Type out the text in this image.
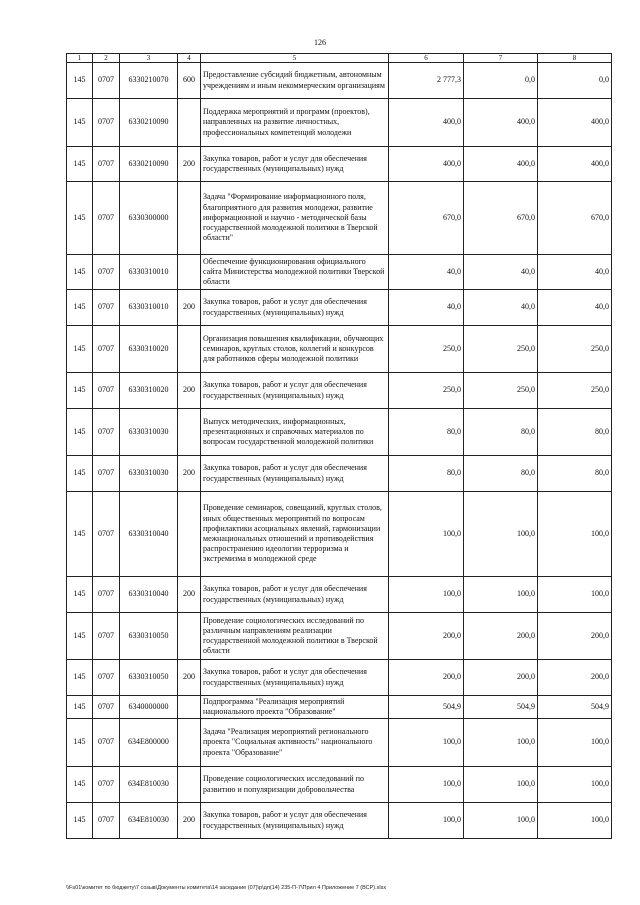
126
1	2	3	4	5	6	7	8
145	0707	6330210070	600	Предоставление субсидий бюджетным, автономным учреждениям и иным некоммерческим организациям	2 777,3	0,0	0,0
145	0707	6330210090		Поддержка мероприятий и программ (проектов), направленных на развитие личностных, профессиональных компетенций молодежи	400,0	400,0	400,0
145	0707	6330210090	200	Закупка товаров, работ и услуг для обеспечения государственных (муниципальных) нужд	400,0	400,0	400,0
145	0707	6330300000		Задача "Формирование информационного поля, благоприятного для развития молодежи, развитие информационной и научно - методической базы государственной молодежной политики в Тверской области"	670,0	670,0	670,0
145	0707	6330310010		Обеспечение функционирования официального сайта Министерства молодежной политики Тверской области	40,0	40,0	40,0
145	0707	6330310010	200	Закупка товаров, работ и услуг для обеспечения государственных (муниципальных) нужд	40,0	40,0	40,0
145	0707	6330310020		Организация повышения квалификации, обучающих семинаров, круглых столов, коллегий и конкурсов для работников сферы молодежной политики	250,0	250,0	250,0
145	0707	6330310020	200	Закупка товаров, работ и услуг для обеспечения государственных (муниципальных) нужд	250,0	250,0	250,0
145	0707	6330310030		Выпуск методических, информационных, презентационных и справочных материалов по вопросам государственной молодежной политики	80,0	80,0	80,0
145	0707	6330310030	200	Закупка товаров, работ и услуг для обеспечения государственных (муниципальных) нужд	80,0	80,0	80,0
145	0707	6330310040		Проведение семинаров, совещаний, круглых столов, иных общественных мероприятий по вопросам профилактики асоциальных явлений, гармонизации межнациональных отношений и противодействия распространению идеологии терроризма и экстремизма в молодежной среде	100,0	100,0	100,0
145	0707	6330310040	200	Закупка товаров, работ и услуг для обеспечения государственных (муниципальных) нужд	100,0	100,0	100,0
145	0707	6330310050		Проведение социологических исследований по различным направлениям реализации государственной молодежной политики в Тверской области	200,0	200,0	200,0
145	0707	6330310050	200	Закупка товаров, работ и услуг для обеспечения государственных (муниципальных) нужд	200,0	200,0	200,0
145	0707	6340000000		Подпрограмма "Реализация мероприятий национального проекта "Образование"	504,9	504,9	504,9
145	0707	634E800000		Задача "Реализация мероприятий регионального проекта "Социальная активность" национального проекта "Образование"	100,0	100,0	100,0
145	0707	634E810030		Проведение социологических исследований по развитию и популяризации добровольчества	100,0	100,0	100,0
145	0707	634E810030	200	Закупка товаров, работ и услуг для обеспечения государственных (муниципальных) нужд	100,0	100,0	100,0
\\Fs01\комитет по бюджету\7 созыв\Документы комитета\14 заседание (07)\р\дп(14) 235-П-7\Прил 4 Приложение 7 (ВСР).xlsx
